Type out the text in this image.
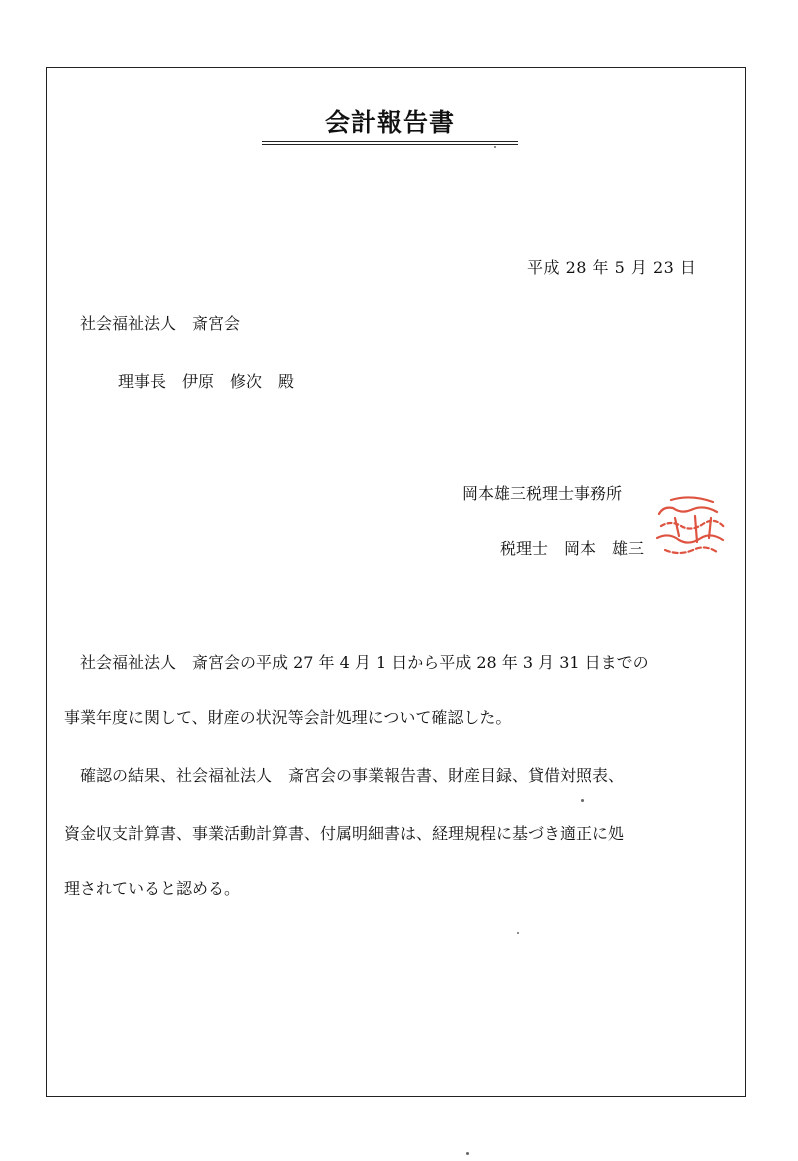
会計報告書
平成 28 年 5 月 23 日
社会福祉法人　斎宮会
理事長　伊原　修次　殿
岡本雄三税理士事務所
税理士　岡本　雄三
社会福祉法人　斎宮会の平成 27 年 4 月 1 日から平成 28 年 3 月 31 日までの
事業年度に関して、財産の状況等会計処理について確認した。
確認の結果、社会福祉法人　斎宮会の事業報告書、財産目録、貸借対照表、
資金収支計算書、事業活動計算書、付属明細書は、経理規程に基づき適正に処
理されていると認める。
